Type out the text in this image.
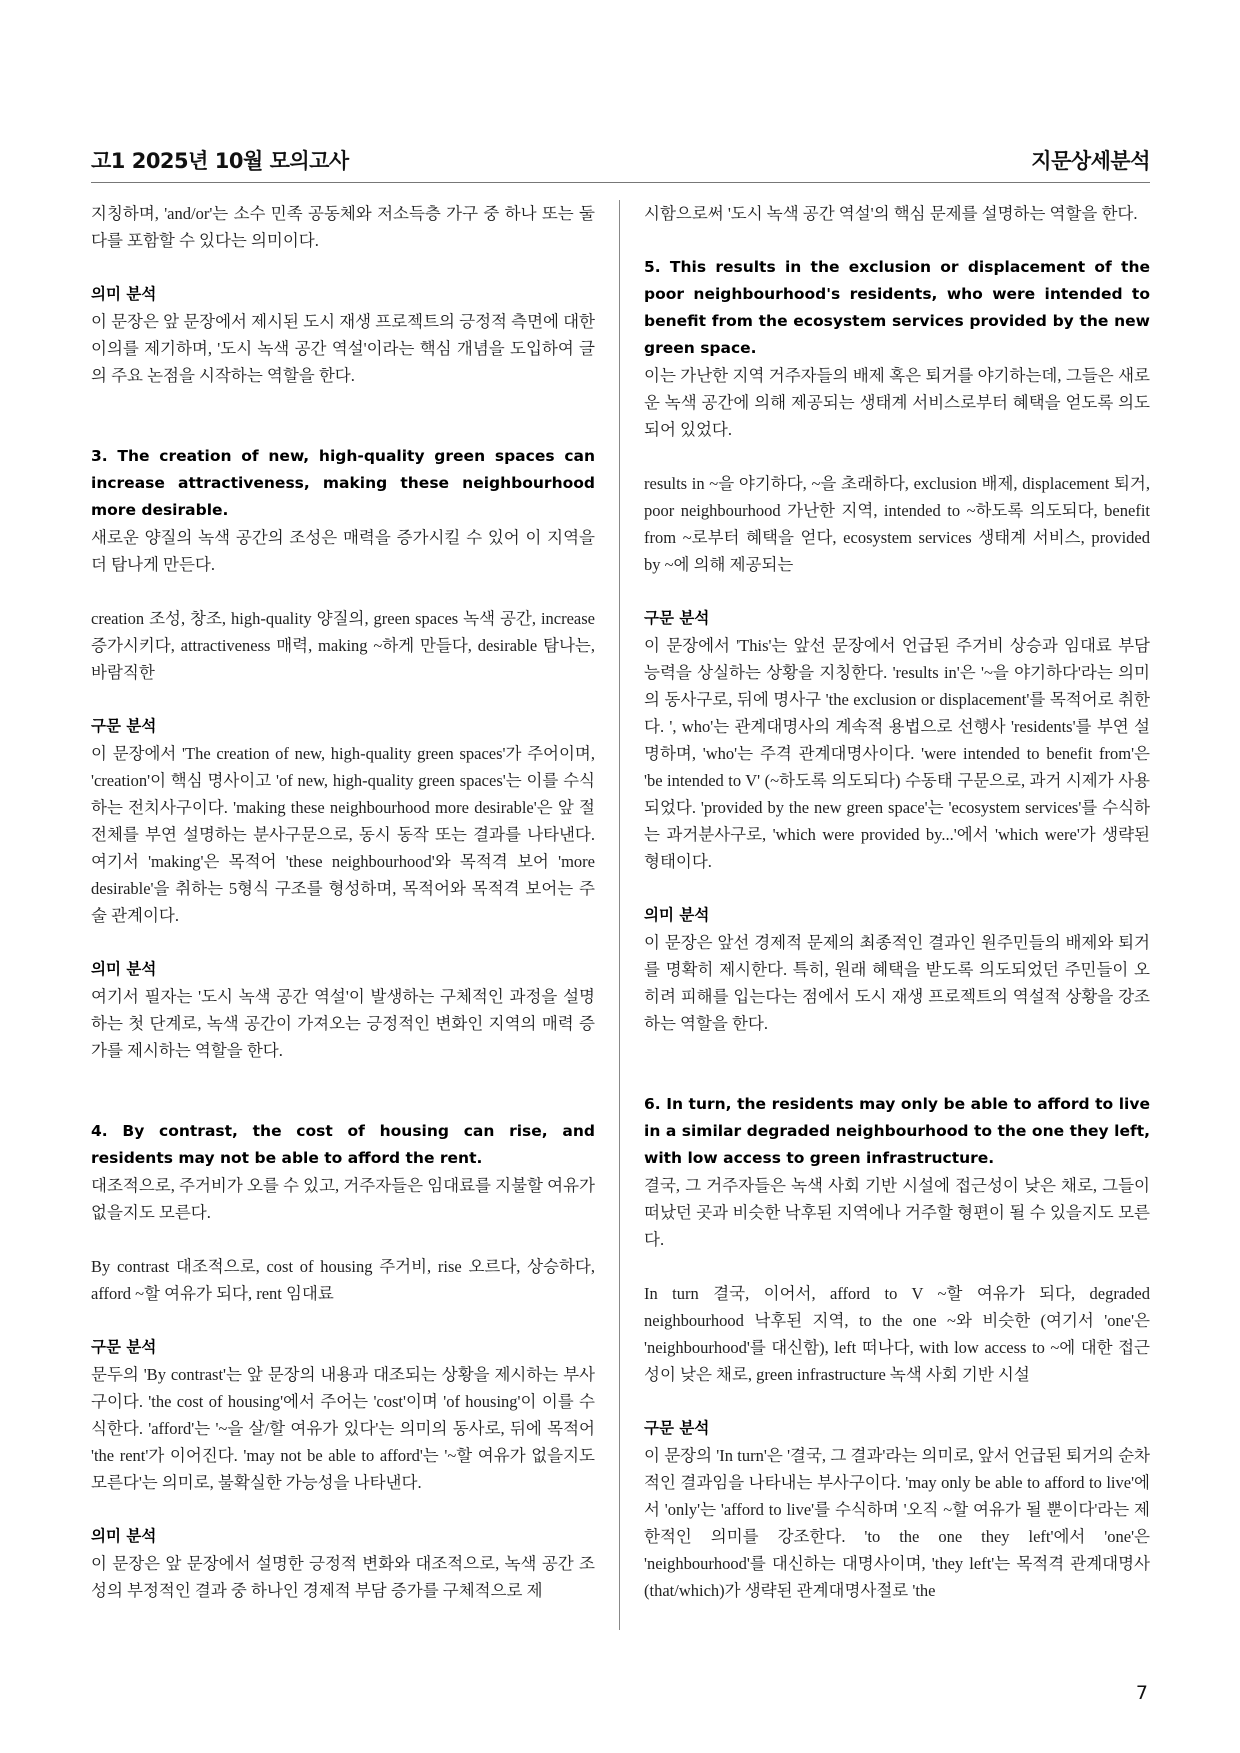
고1 2025년 10월 모의고사	지문상세분석

지칭하며, 'and/or'는 소수 민족 공동체와 저소득층 가구 중 하나 또는 둘 다를 포함할 수 있다는 의미이다.

의미 분석

이 문장은 앞 문장에서 제시된 도시 재생 프로젝트의 긍정적 측면에 대한 이의를 제기하며, '도시 녹색 공간 역설'이라는 핵심 개념을 도입하여 글의 주요 논점을 시작하는 역할을 한다.

3. The creation of new, high-quality green spaces can increase attractiveness, making these neighbourhood more desirable.

새로운 양질의 녹색 공간의 조성은 매력을 증가시킬 수 있어 이 지역을 더 탐나게 만든다.

creation 조성, 창조, high-quality 양질의, green spaces 녹색 공간, increase 증가시키다, attractiveness 매력, making ~하게 만들다, desirable 탐나는, 바람직한

구문 분석

이 문장에서 'The creation of new, high-quality green spaces'가 주어이며, 'creation'이 핵심 명사이고 'of new, high-quality green spaces'는 이를 수식하는 전치사구이다. 'making these neighbourhood more desirable'은 앞 절 전체를 부연 설명하는 분사구문으로, 동시 동작 또는 결과를 나타낸다. 여기서 'making'은 목적어 'these neighbourhood'와 목적격 보어 'more desirable'을 취하는 5형식 구조를 형성하며, 목적어와 목적격 보어는 주술 관계이다.

의미 분석

여기서 필자는 '도시 녹색 공간 역설'이 발생하는 구체적인 과정을 설명하는 첫 단계로, 녹색 공간이 가져오는 긍정적인 변화인 지역의 매력 증가를 제시하는 역할을 한다.

4. By contrast, the cost of housing can rise, and residents may not be able to afford the rent.

대조적으로, 주거비가 오를 수 있고, 거주자들은 임대료를 지불할 여유가 없을지도 모른다.

By contrast 대조적으로, cost of housing 주거비, rise 오르다, 상승하다, afford ~할 여유가 되다, rent 임대료

구문 분석

문두의 'By contrast'는 앞 문장의 내용과 대조되는 상황을 제시하는 부사구이다. 'the cost of housing'에서 주어는 'cost'이며 'of housing'이 이를 수식한다. 'afford'는 '~을 살/할 여유가 있다'는 의미의 동사로, 뒤에 목적어 'the rent'가 이어진다. 'may not be able to afford'는 '~할 여유가 없을지도 모른다'는 의미로, 불확실한 가능성을 나타낸다.

의미 분석

이 문장은 앞 문장에서 설명한 긍정적 변화와 대조적으로, 녹색 공간 조성의 부정적인 결과 중 하나인 경제적 부담 증가를 구체적으로 제

시함으로써 '도시 녹색 공간 역설'의 핵심 문제를 설명하는 역할을 한다.

5. This results in the exclusion or displacement of the poor neighbourhood's residents, who were intended to benefit from the ecosystem services provided by the new green space.

이는 가난한 지역 거주자들의 배제 혹은 퇴거를 야기하는데, 그들은 새로운 녹색 공간에 의해 제공되는 생태계 서비스로부터 혜택을 얻도록 의도되어 있었다.

results in ~을 야기하다, ~을 초래하다, exclusion 배제, displacement 퇴거, poor neighbourhood 가난한 지역, intended to ~하도록 의도되다, benefit from ~로부터 혜택을 얻다, ecosystem services 생태계 서비스, provided by ~에 의해 제공되는

구문 분석

이 문장에서 'This'는 앞선 문장에서 언급된 주거비 상승과 임대료 부담 능력을 상실하는 상황을 지칭한다. 'results in'은 '~을 야기하다'라는 의미의 동사구로, 뒤에 명사구 'the exclusion or displacement'를 목적어로 취한다. ', who'는 관계대명사의 계속적 용법으로 선행사 'residents'를 부연 설명하며, 'who'는 주격 관계대명사이다. 'were intended to benefit from'은 'be intended to V' (~하도록 의도되다) 수동태 구문으로, 과거 시제가 사용되었다. 'provided by the new green space'는 'ecosystem services'를 수식하는 과거분사구로, 'which were provided by...'에서 'which were'가 생략된 형태이다.

의미 분석

이 문장은 앞선 경제적 문제의 최종적인 결과인 원주민들의 배제와 퇴거를 명확히 제시한다. 특히, 원래 혜택을 받도록 의도되었던 주민들이 오히려 피해를 입는다는 점에서 도시 재생 프로젝트의 역설적 상황을 강조하는 역할을 한다.

6. In turn, the residents may only be able to afford to live in a similar degraded neighbourhood to the one they left, with low access to green infrastructure.

결국, 그 거주자들은 녹색 사회 기반 시설에 접근성이 낮은 채로, 그들이 떠났던 곳과 비슷한 낙후된 지역에나 거주할 형편이 될 수 있을지도 모른다.

In turn 결국, 이어서, afford to V ~할 여유가 되다, degraded neighbourhood 낙후된 지역, to the one ~와 비슷한 (여기서 'one'은 'neighbourhood'를 대신함), left 떠나다, with low access to ~에 대한 접근성이 낮은 채로, green infrastructure 녹색 사회 기반 시설

구문 분석

이 문장의 'In turn'은 '결국, 그 결과'라는 의미로, 앞서 언급된 퇴거의 순차적인 결과임을 나타내는 부사구이다. 'may only be able to afford to live'에서 'only'는 'afford to live'를 수식하며 '오직 ~할 여유가 될 뿐이다'라는 제한적인 의미를 강조한다. 'to the one they left'에서 'one'은 'neighbourhood'를 대신하는 대명사이며, 'they left'는 목적격 관계대명사(that/which)가 생략된 관계대명사절로 'the

7
